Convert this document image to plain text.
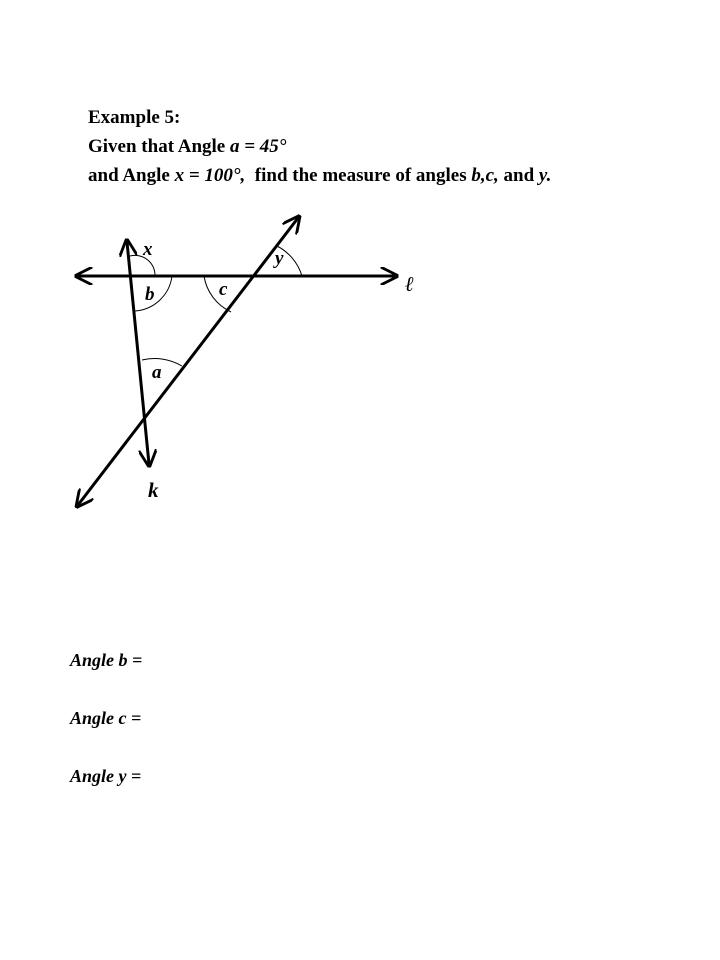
Example 5:
Given that Angle a = 45°
and Angle x = 100°,  find the measure of angles b,c, and y.
x	y
b	c
a
ℓ
k
Angle b =
Angle c =
Angle y =
